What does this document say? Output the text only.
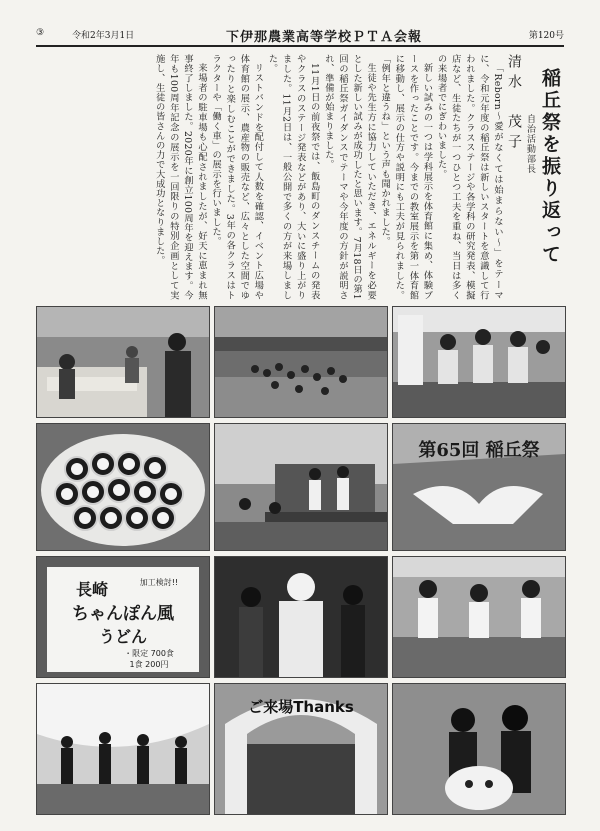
③	令和2年3月1日	下伊那農業高等学校ＰＴＡ会報	第120号
稲丘祭を振り返って
自治活動部長
清水　茂子

「Reborn～愛がなくては始まらない～」をテーマに、令和元年度の稲丘祭は新しいスタートを意識して行われました。クラスステージや各学科の研究発表、模擬店など、生徒たちが一つひとつ工夫を重ね、当日は多くの来場者でにぎわいました。

新しい試みの一つは学科展示を体育館に集め、体験ブースを作ったことです。今までの教室展示を第一体育館に移動し、展示の仕方や説明にも工夫が見られました。「例年と違うね」という声も聞かれました。

生徒や先生方に協力していただき、エネルギーを必要とした新しい試みが成功したと思います。7月18日の第1回の稲丘祭ガイダンスでテーマや今年度の方針が説明され、準備が始まりました。

11月1日の前夜祭では、飯島町のダンスチームの発表やクラスのステージ発表などがあり、大いに盛り上がりました。11月2日は、一般公開で多くの方が来場しました。

リストバンドを配付して人数を確認、イベント広場や体育館の展示、農産物の販売など、広々とした空間でゆったりと楽しむことができました。3年の各クラスはトラクターや「働く車」の展示を行いました。

来場者の駐車場も心配されましたが、好天に恵まれ無事終了しました。2020年に創立100周年を迎えます。今年も100周年記念の展示を一回限りの特別企画として実施し、生徒の皆さんの力で大成功となりました。

第65回 稲丘祭
長崎
ちゃんぽん風
うどん
加工検討!!
・限定 700食
1食 200円
ご来場Thanks
